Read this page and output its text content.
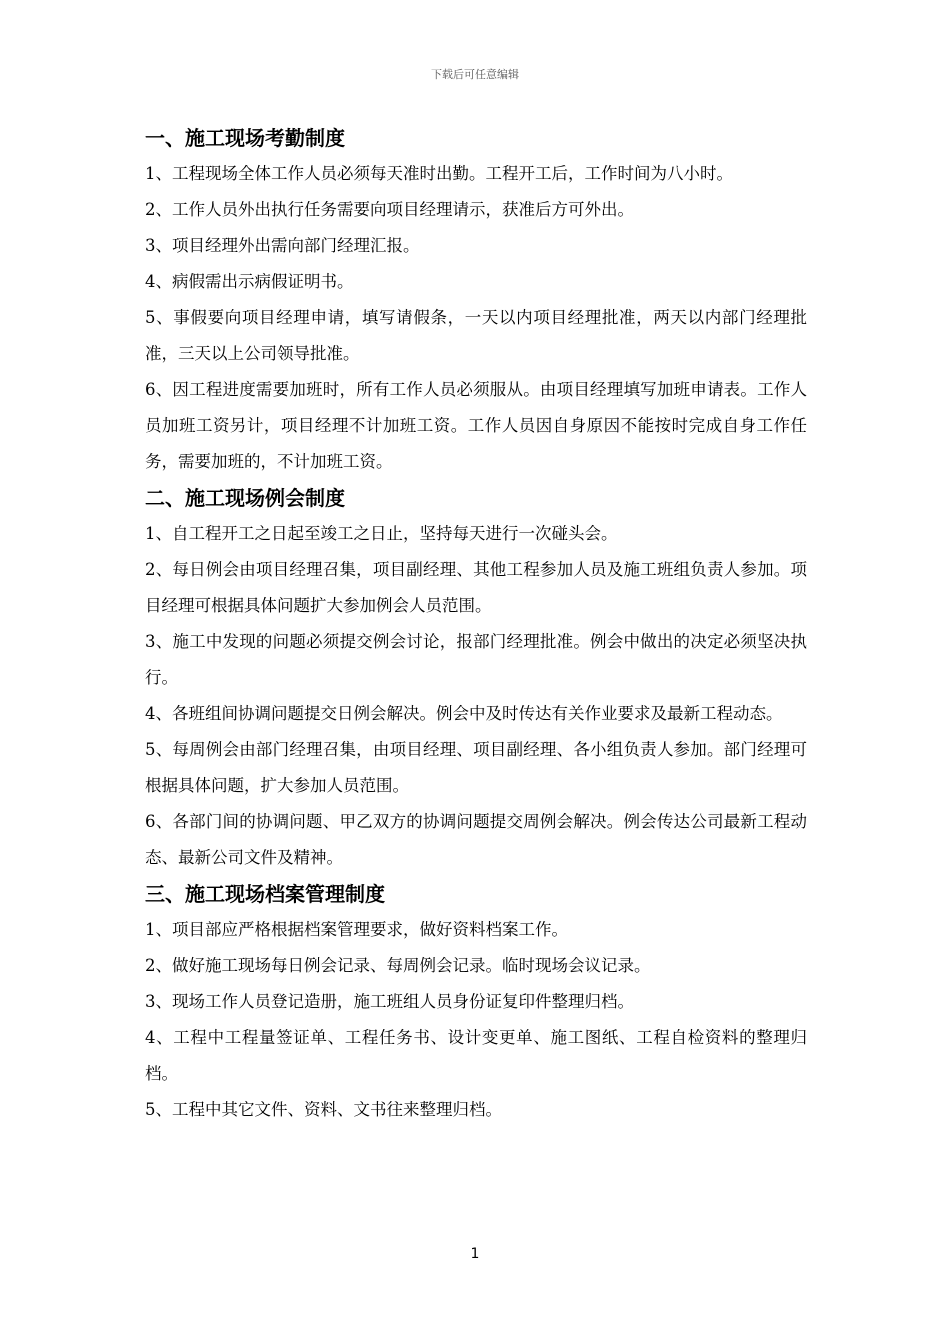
下载后可任意编辑
一、施工现场考勤制度

1、工程现场全体工作人员必须每天准时出勤。工程开工后，工作时间为八小时。

2、工作人员外出执行任务需要向项目经理请示，获准后方可外出。

3、项目经理外出需向部门经理汇报。

4、病假需出示病假证明书。

5、事假要向项目经理申请，填写请假条，一天以内项目经理批准，两天以内部门经理批准，三天以上公司领导批准。

6、因工程进度需要加班时，所有工作人员必须服从。由项目经理填写加班申请表。工作人员加班工资另计，项目经理不计加班工资。工作人员因自身原因不能按时完成自身工作任务，需要加班的，不计加班工资。

二、施工现场例会制度

1、自工程开工之日起至竣工之日止，坚持每天进行一次碰头会。

2、每日例会由项目经理召集，项目副经理、其他工程参加人员及施工班组负责人参加。项目经理可根据具体问题扩大参加例会人员范围。

3、施工中发现的问题必须提交例会讨论，报部门经理批准。例会中做出的决定必须坚决执行。

4、各班组间协调问题提交日例会解决。例会中及时传达有关作业要求及最新工程动态。

5、每周例会由部门经理召集，由项目经理、项目副经理、各小组负责人参加。部门经理可根据具体问题，扩大参加人员范围。

6、各部门间的协调问题、甲乙双方的协调问题提交周例会解决。例会传达公司最新工程动态、最新公司文件及精神。

三、施工现场档案管理制度

1、项目部应严格根据档案管理要求，做好资料档案工作。

2、做好施工现场每日例会记录、每周例会记录。临时现场会议记录。

3、现场工作人员登记造册，施工班组人员身份证复印件整理归档。

4、工程中工程量签证单、工程任务书、设计变更单、施工图纸、工程自检资料的整理归档。

5、工程中其它文件、资料、文书往来整理归档。

1
